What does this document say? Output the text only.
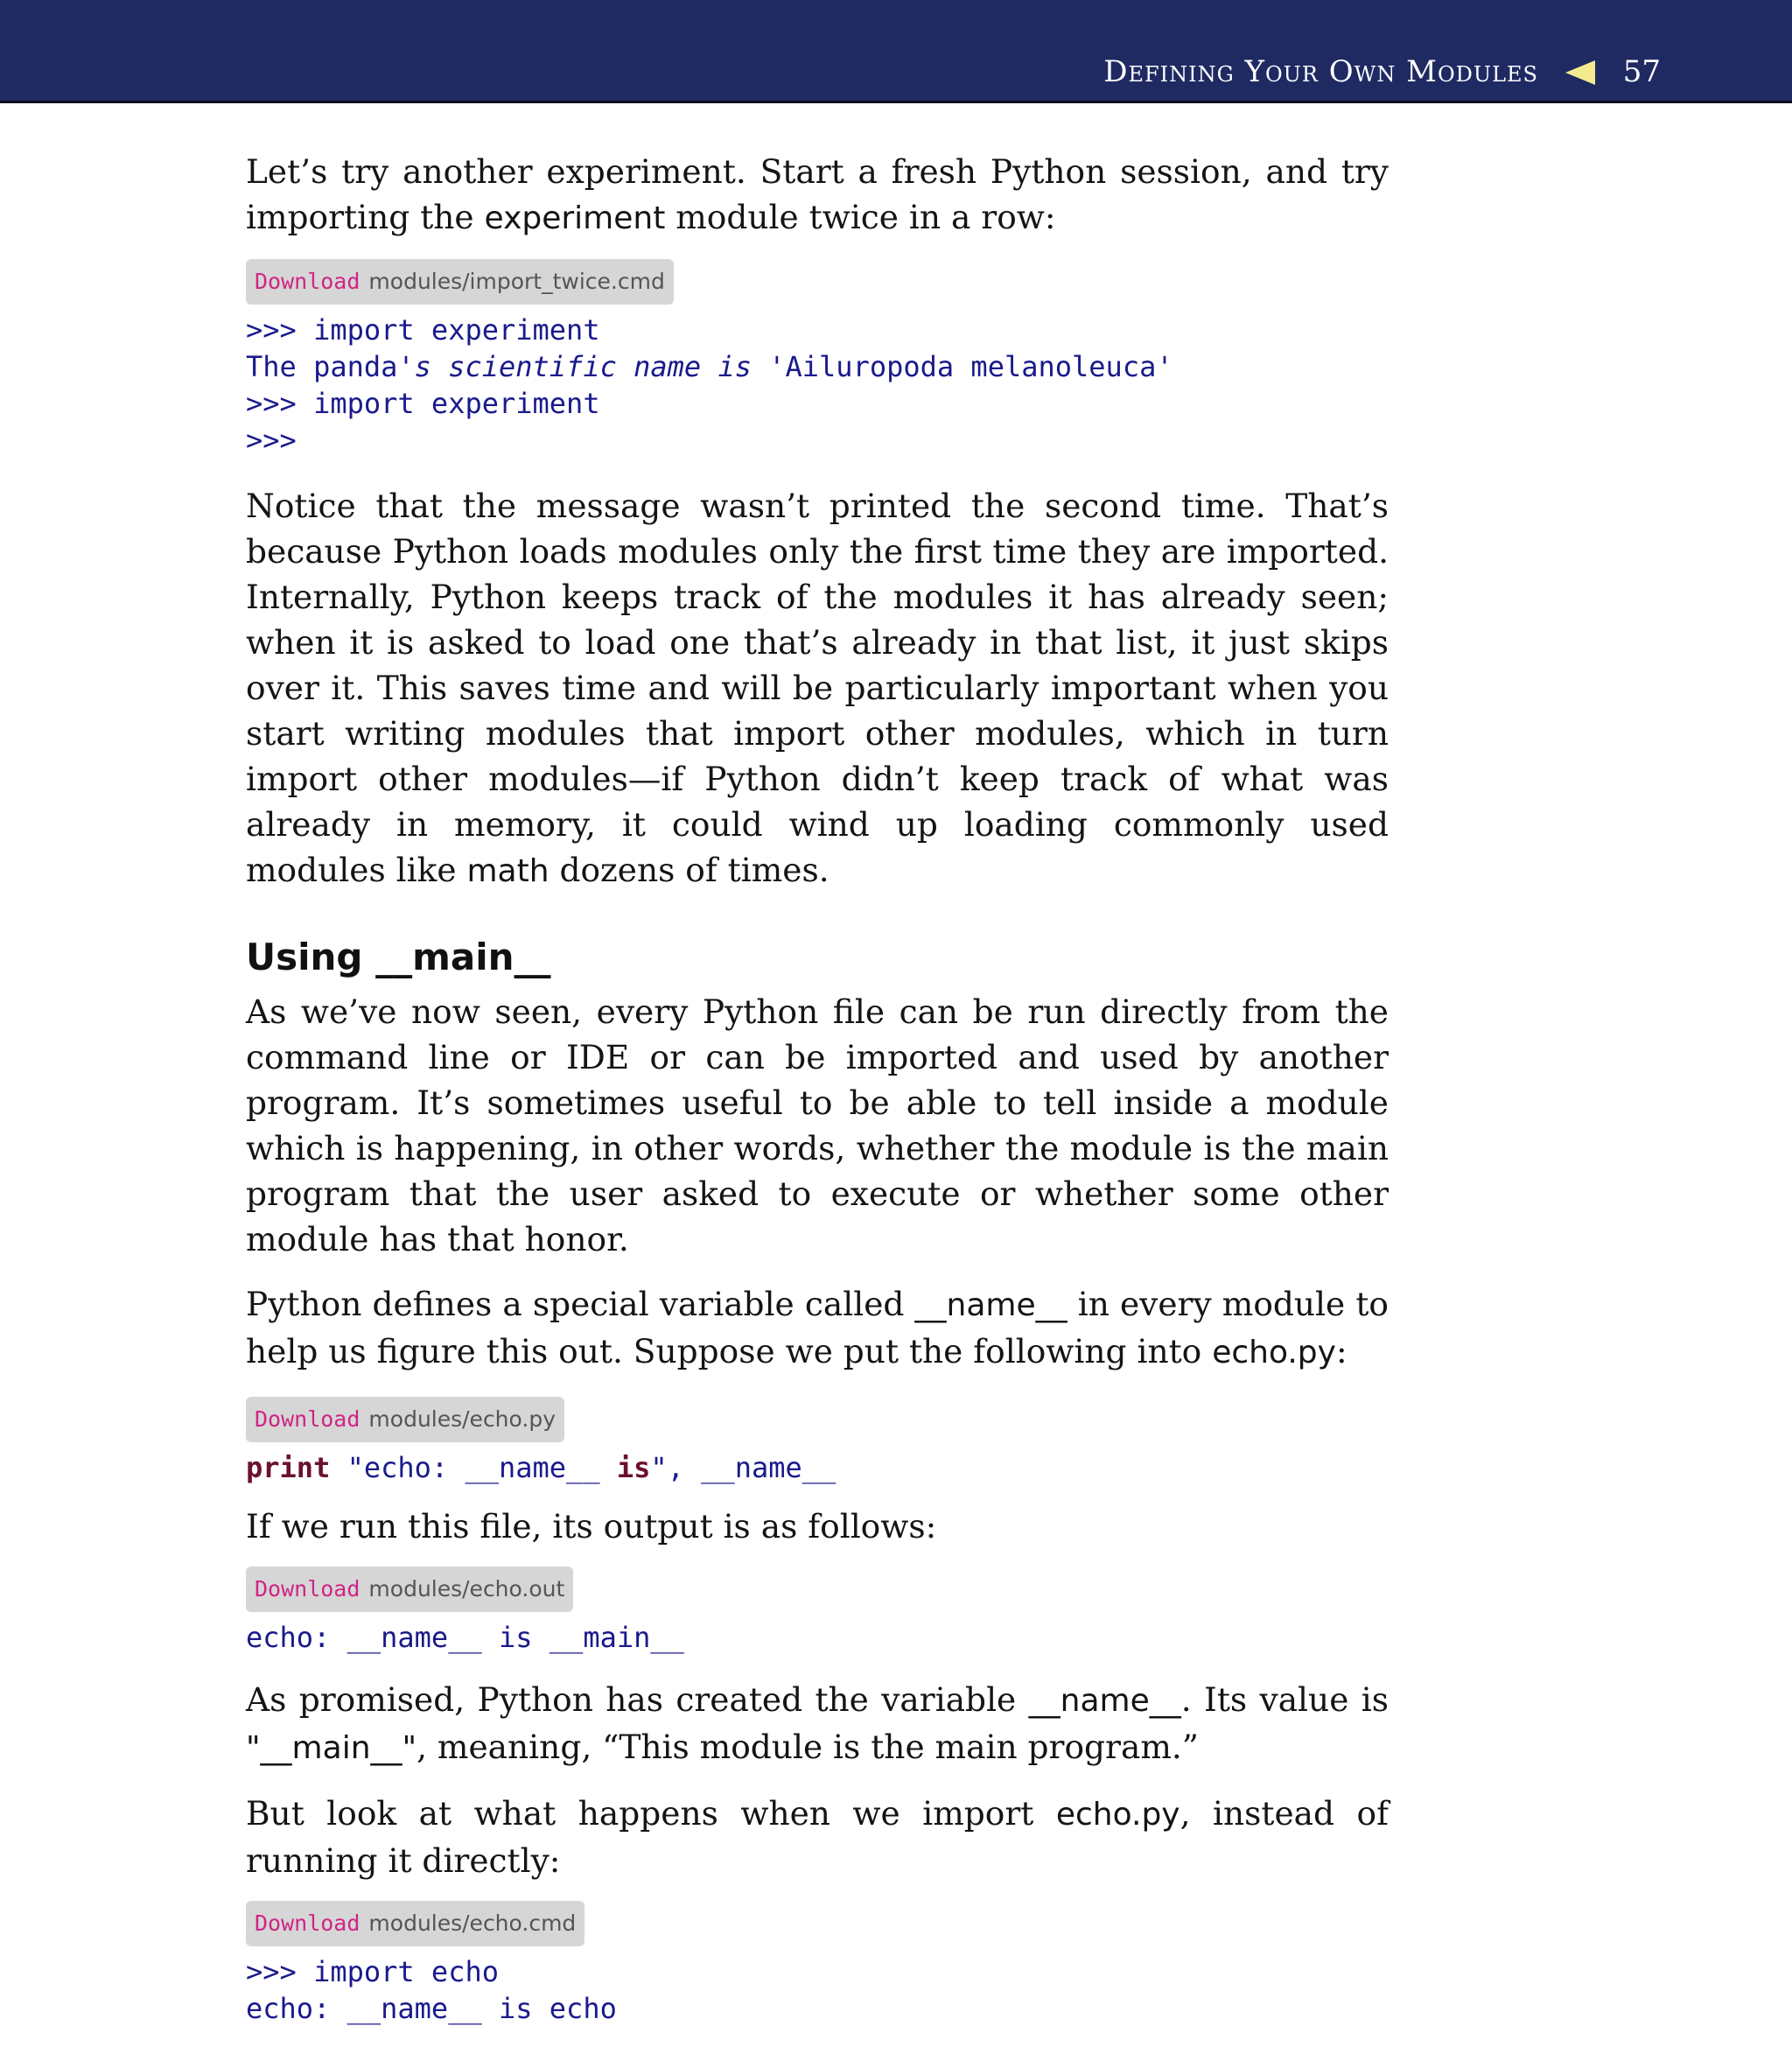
Defining Your Own Modules	57

Let’s try another experiment. Start a fresh Python session, and try importing the experiment module twice in a row:

Download modules/import_twice.cmd
>>> import experiment
The panda's scientific name is 'Ailuropoda melanoleuca'
>>> import experiment
>>>

Notice that the message wasn’t printed the second time. That’s because Python loads modules only the first time they are imported. Internally, Python keeps track of the modules it has already seen; when it is asked to load one that’s already in that list, it just skips over it. This saves time and will be particularly important when you start writing modules that import other modules, which in turn import other modules—if Python didn’t keep track of what was already in memory, it could wind up loading commonly used modules like math dozens of times.

Using __main__

As we’ve now seen, every Python file can be run directly from the command line or IDE or can be imported and used by another program. It’s sometimes useful to be able to tell inside a module which is happening, in other words, whether the module is the main program that the user asked to execute or whether some other module has that honor.

Python defines a special variable called __name__ in every module to help us figure this out. Suppose we put the following into echo.py:

Download modules/echo.py
print "echo: __name__ is", __name__

If we run this file, its output is as follows:

Download modules/echo.out
echo: __name__ is __main__

As promised, Python has created the variable __name__. Its value is "__main__", meaning, “This module is the main program.”

But look at what happens when we import echo.py, instead of running it directly:

Download modules/echo.cmd
>>> import echo
echo: __name__ is echo
